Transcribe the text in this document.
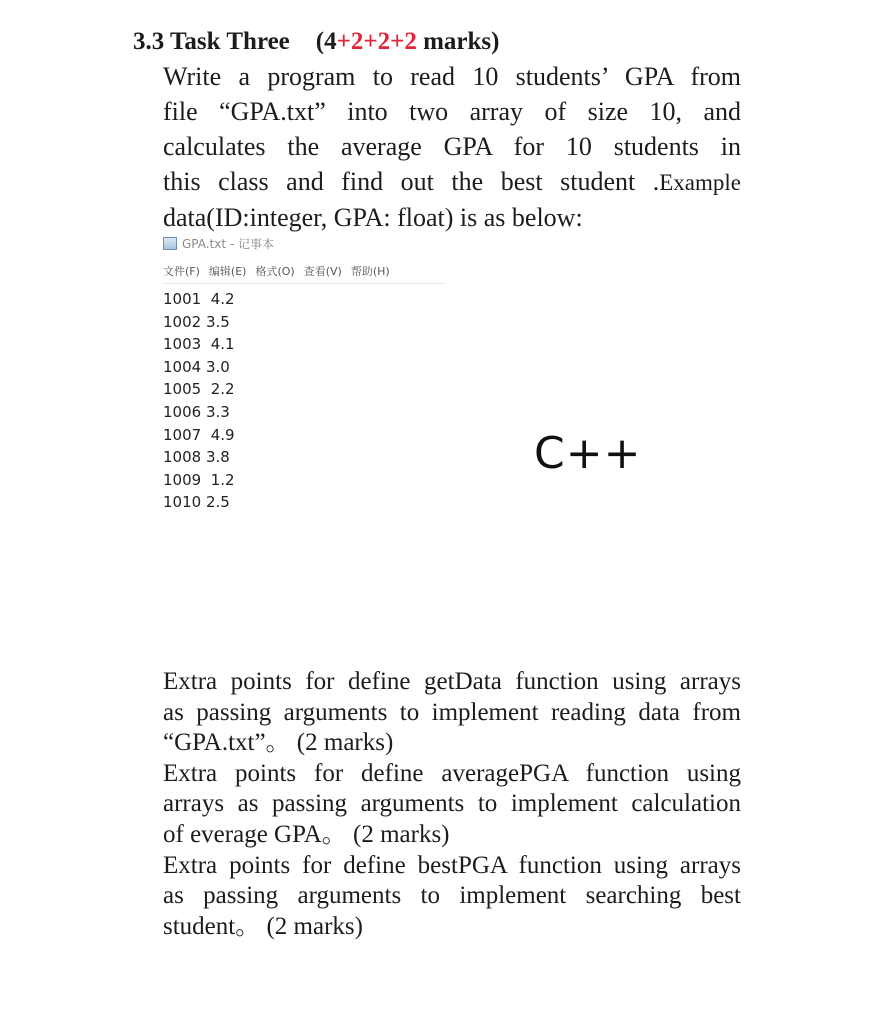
3.3 Task Three (4+2+2+2 marks)
Write a program to read 10 students’ GPA from
file “GPA.txt” into two array of size 10, and
calculates the average GPA for 10 students in
this class and find out the best student .Example
data(ID:integer, GPA: float) is as below:
GPA.txt - 记事本
文件(F) 编辑(E) 格式(O) 查看(V) 帮助(H)
1001  4.2
1002 3.5
1003  4.1
1004 3.0
1005  2.2
1006 3.3
1007  4.9
1008 3.8
1009  1.2
1010 2.5
C++
Extra points for define getData function using arrays
as passing arguments to implement reading data from
“GPA.txt”。 (2 marks)
Extra points for define averagePGA function using
arrays as passing arguments to implement calculation
of everage GPA。 (2 marks)
Extra points for define bestPGA function using arrays
as passing arguments to implement searching best
student。 (2 marks)
